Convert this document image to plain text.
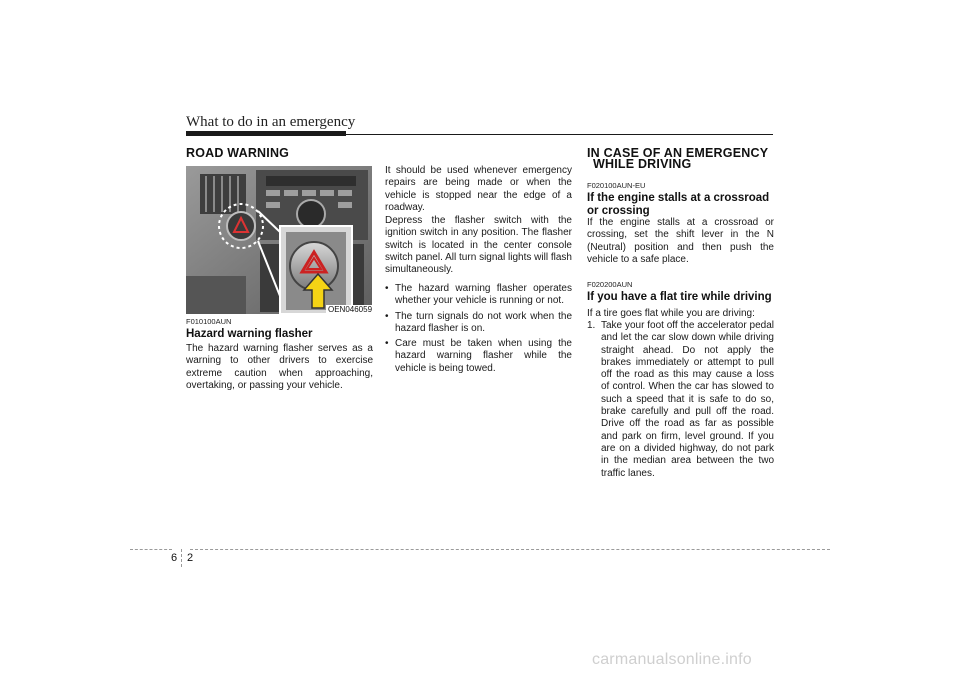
What to do in an emergency
ROAD WARNING
OEN046059
F010100AUN
Hazard warning flasher
The hazard warning flasher serves as a warning to other drivers to exercise extreme caution when approaching, overtaking, or passing your vehicle.
It should be used whenever emergency repairs are being made or when the vehicle is stopped near the edge of a roadway.
Depress the flasher switch with the ignition switch in any position. The flasher switch is located in the center console switch panel. All turn signal lights will flash simultaneously.
• The hazard warning flasher operates whether your vehicle is running or not.
• The turn signals do not work when the hazard flasher is on.
• Care must be taken when using the hazard warning flasher while the vehicle is being towed.
IN CASE OF AN EMERGENCY
WHILE DRIVING
F020100AUN-EU
If the engine stalls at a crossroad or crossing
If the engine stalls at a crossroad or crossing, set the shift lever in the N (Neutral) position and then push the vehicle to a safe place.
F020200AUN
If you have a flat tire while driving
If a tire goes flat while you are driving:
1. Take your foot off the accelerator pedal and let the car slow down while driving straight ahead. Do not apply the brakes immediately or attempt to pull off the road as this may cause a loss of control. When the car has slowed to such a speed that it is safe to do so, brake carefully and pull off the road. Drive off the road as far as possible and park on firm, level ground. If you are on a divided highway, do not park in the median area between the two traffic lanes.
6 2
carmanualsonline.info
